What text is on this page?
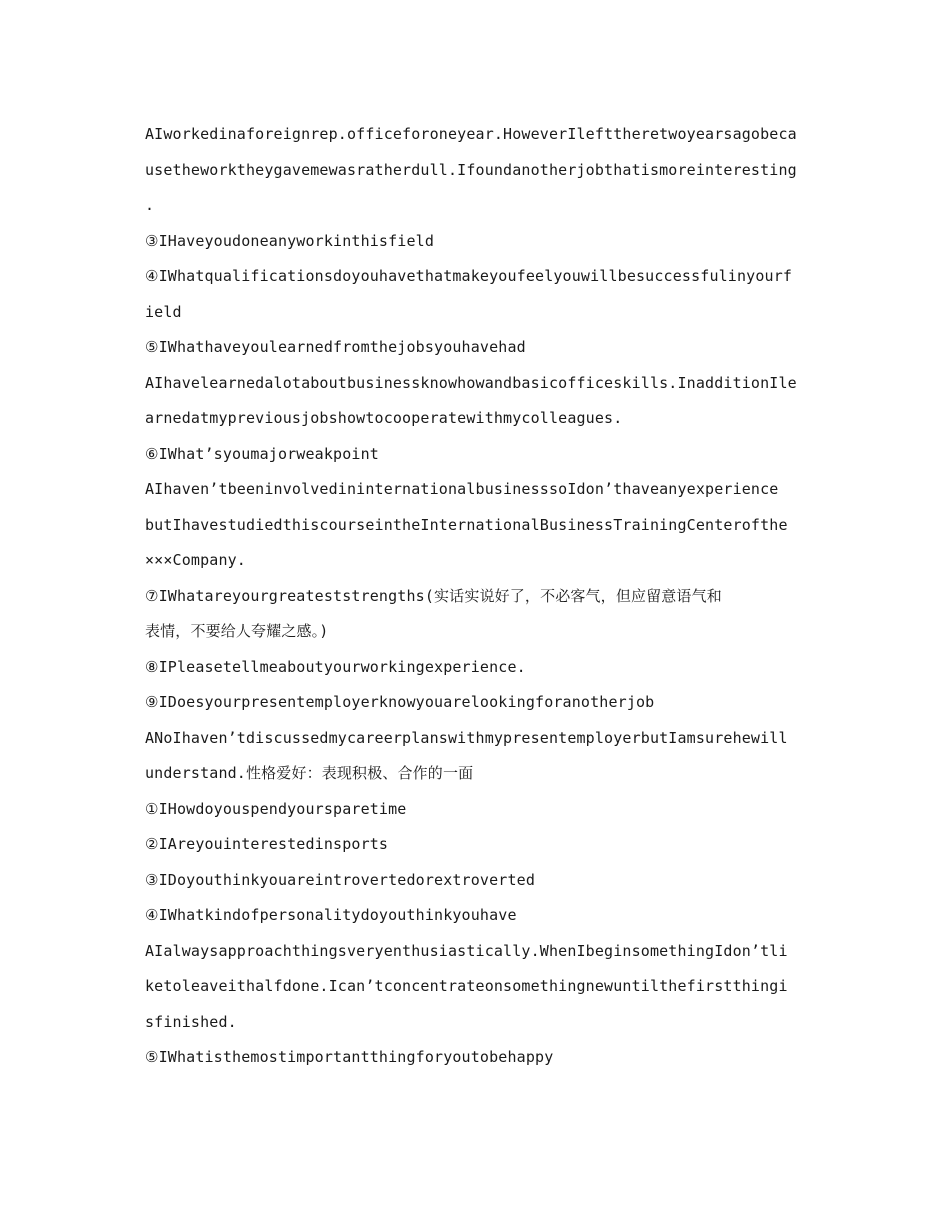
AIworkedinaforeignrep.officeforoneyear.HoweverIlefttheretwoyearsagobeca
usetheworktheygavemewasratherdull.Ifoundanotherjobthatismoreinteresting
.
③IHaveyoudoneanyworkinthisfield
④IWhatqualificationsdoyouhavethatmakeyoufeelyouwillbesuccessfulinyourf
ield
⑤IWhathaveyoulearnedfromthejobsyouhavehad
AIhavelearnedalotaboutbusinessknowhowandbasicofficeskills.InadditionIle
arnedatmypreviousjobshowtocooperatewithmycolleagues.
⑥IWhat’syoumajorweakpoint
AIhaven’tbeeninvolvedininternationalbusinesssoIdon’thaveanyexperience
butIhavestudiedthiscourseintheInternationalBusinessTrainingCenterofthe
×××Company.
⑦IWhatareyourgreateststrengths(实话实说好了，不必客气，但应留意语气和
表情，不要给人夸耀之感。)
⑧IPleasetellmeaboutyourworkingexperience.
⑨IDoesyourpresentemployerknowyouarelookingforanotherjob
ANoIhaven’tdiscussedmycareerplanswithmypresentemployerbutIamsurehewill
understand.性格爱好：表现积极、合作的一面
①IHowdoyouspendyoursparetime
②IAreyouinterestedinsports
③IDoyouthinkyouareintrovertedorextroverted
④IWhatkindofpersonalitydoyouthinkyouhave
AIalwaysapproachthingsveryenthusiastically.WhenIbeginsomethingIdon’tli
ketoleaveithalfdone.Ican’tconcentrateonsomethingnewuntilthefirstthingi
sfinished.
⑤IWhatisthemostimportantthingforyoutobehappy
